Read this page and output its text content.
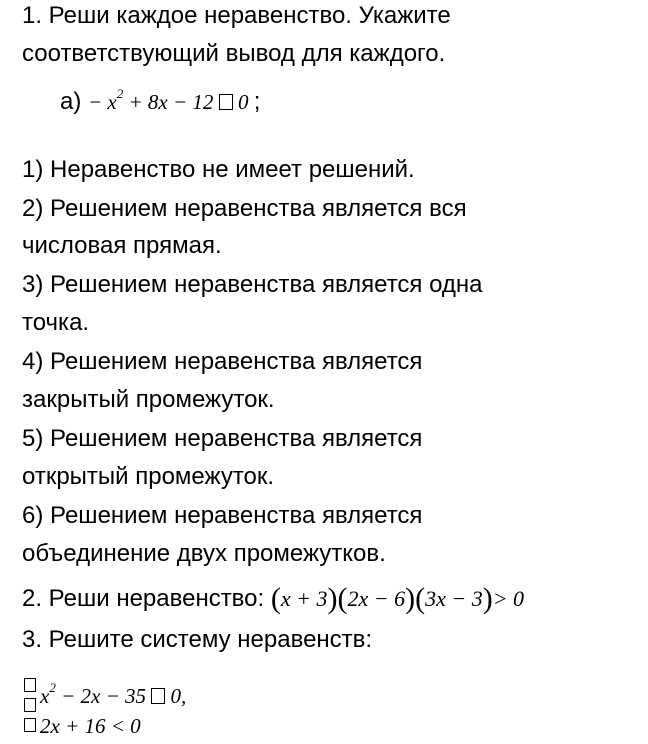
1. Реши каждое неравенство. Укажите
соответствующий вывод для каждого.
$а) - x^2 + 8x - 12$  0 ;
1) Неравенство не имеет решений.
2) Решением неравенства является вся
числовая прямая.
3) Решением неравенства является одна
точка.
4) Решением неравенства является
закрытый промежуток.
5) Решением неравенства является
открытый промежуток.
6) Решением неравенства является
объединение двух промежутков.
2. Реши неравенство: (x + 3)(2x − 6)(3x − 3)> 0
3. Решите систему неравенств:
$x^2 - 2x - 35$  0,
2x + 16 < 0
